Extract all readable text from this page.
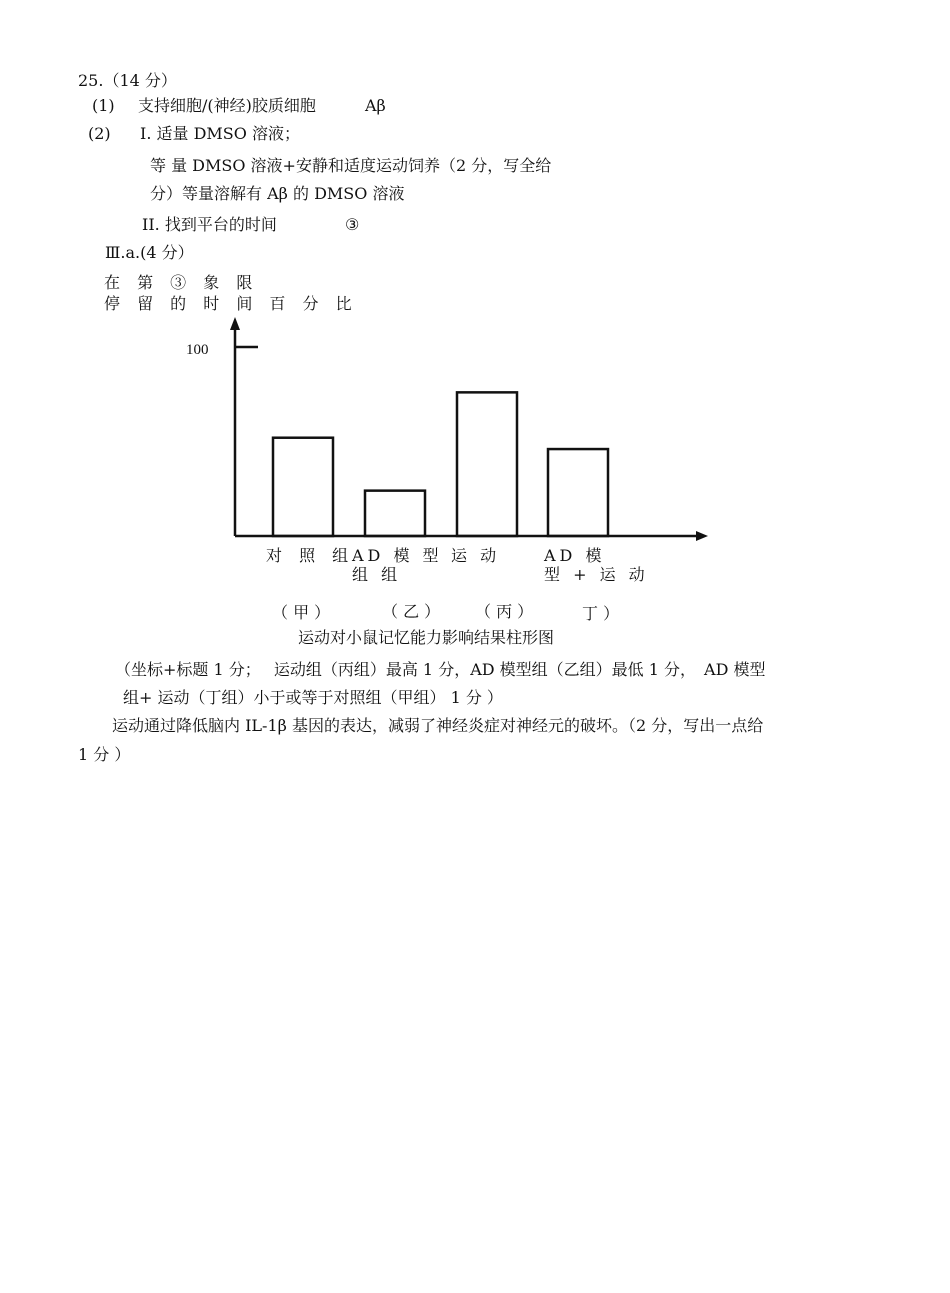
25.（14 分）
(1) 支持细胞/(神经)胶质细胞	Aβ
(2) I. 适量 DMSO 溶液；
等 量 DMSO 溶液+安静和适度运动饲养（2 分，写全给
分）等量溶解有 Aβ 的 DMSO 溶液
II. 找到平台的时间	③
Ⅲ.a.(4 分）
在 第 ③ 象 限
停 留 的 时 间 百 分 比
100
对 照 组
AD 模 型
组 组
运 动	AD 模
型 + 运 动
（ 甲 ）	（ 乙 ） （ 丙 ）	丁 ）
运动对小鼠记忆能力影响结果柱形图
（坐标+标题 1 分；　 运动组（丙组）最高 1 分，AD 模型组（乙组）最低 1 分，　AD 模型
组+ 运动（丁组）小于或等于对照组（甲组） 1 分 ）
运动通过降低脑内 IL-1β 基因的表达，减弱了神经炎症对神经元的破坏。（2 分，写出一点给
1 分 ）
